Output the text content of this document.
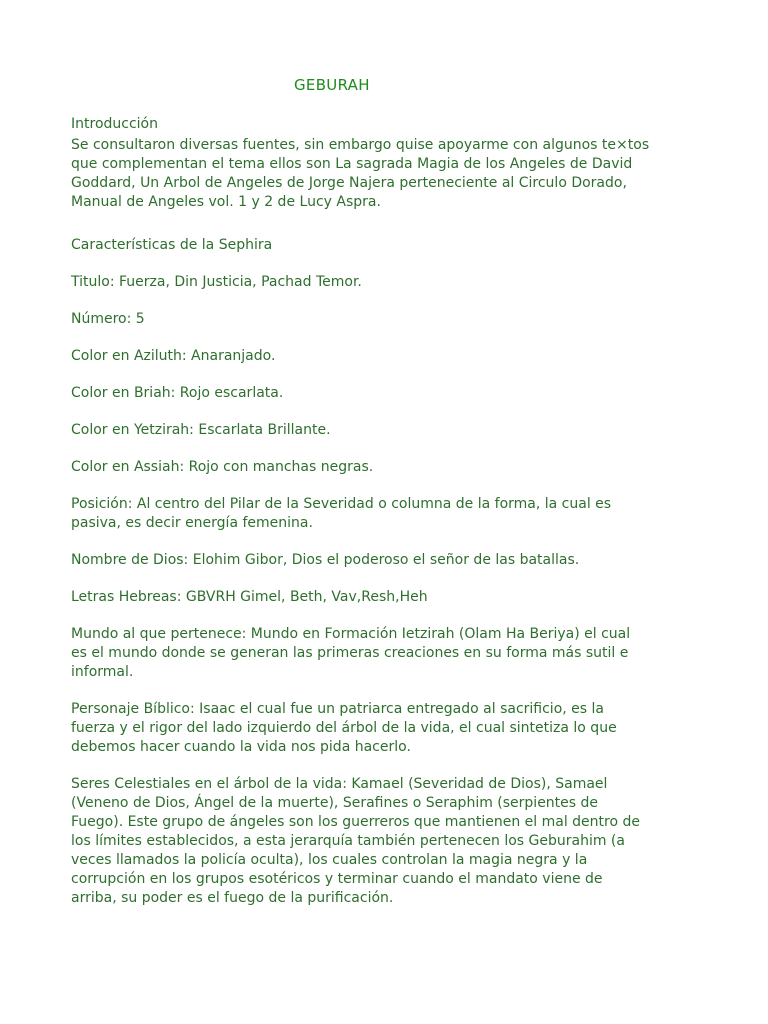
GEBURAH
Introducción

Se consultaron diversas fuentes, sin embargo quise apoyarme con algunos te×tos
que complementan el tema ellos son La sagrada Magia de los Angeles de David
Goddard, Un Arbol de Angeles de Jorge Najera perteneciente al Circulo Dorado,
Manual de Angeles vol. 1 y 2 de Lucy Aspra.

Características de la Sephira

Titulo: Fuerza, Din Justicia, Pachad Temor.

Número: 5

Color en Aziluth: Anaranjado.

Color en Briah: Rojo escarlata.

Color en Yetzirah: Escarlata Brillante.

Color en Assiah: Rojo con manchas negras.

Posición: Al centro del Pilar de la Severidad o columna de la forma, la cual es
pasiva, es decir energía femenina.

Nombre de Dios: Elohim Gibor, Dios el poderoso el señor de las batallas.

Letras Hebreas: GBVRH Gimel, Beth, Vav,Resh,Heh

Mundo al que pertenece: Mundo en Formación Ietzirah (Olam Ha Beriya) el cual
es el mundo donde se generan las primeras creaciones en su forma más sutil e
informal.

Personaje Bíblico: Isaac el cual fue un patriarca entregado al sacrificio, es la
fuerza y el rigor del lado izquierdo del árbol de la vida, el cual sintetiza lo que
debemos hacer cuando la vida nos pida hacerlo.

Seres Celestiales en el árbol de la vida: Kamael (Severidad de Dios), Samael
(Veneno de Dios, Ángel de la muerte), Serafines o Seraphim (serpientes de
Fuego). Este grupo de ángeles son los guerreros que mantienen el mal dentro de
los límites establecidos, a esta jerarquía también pertenecen los Geburahim (a
veces llamados la policía oculta), los cuales controlan la magia negra y la
corrupción en los grupos esotéricos y terminar cuando el mandato viene de
arriba, su poder es el fuego de la purificación.
